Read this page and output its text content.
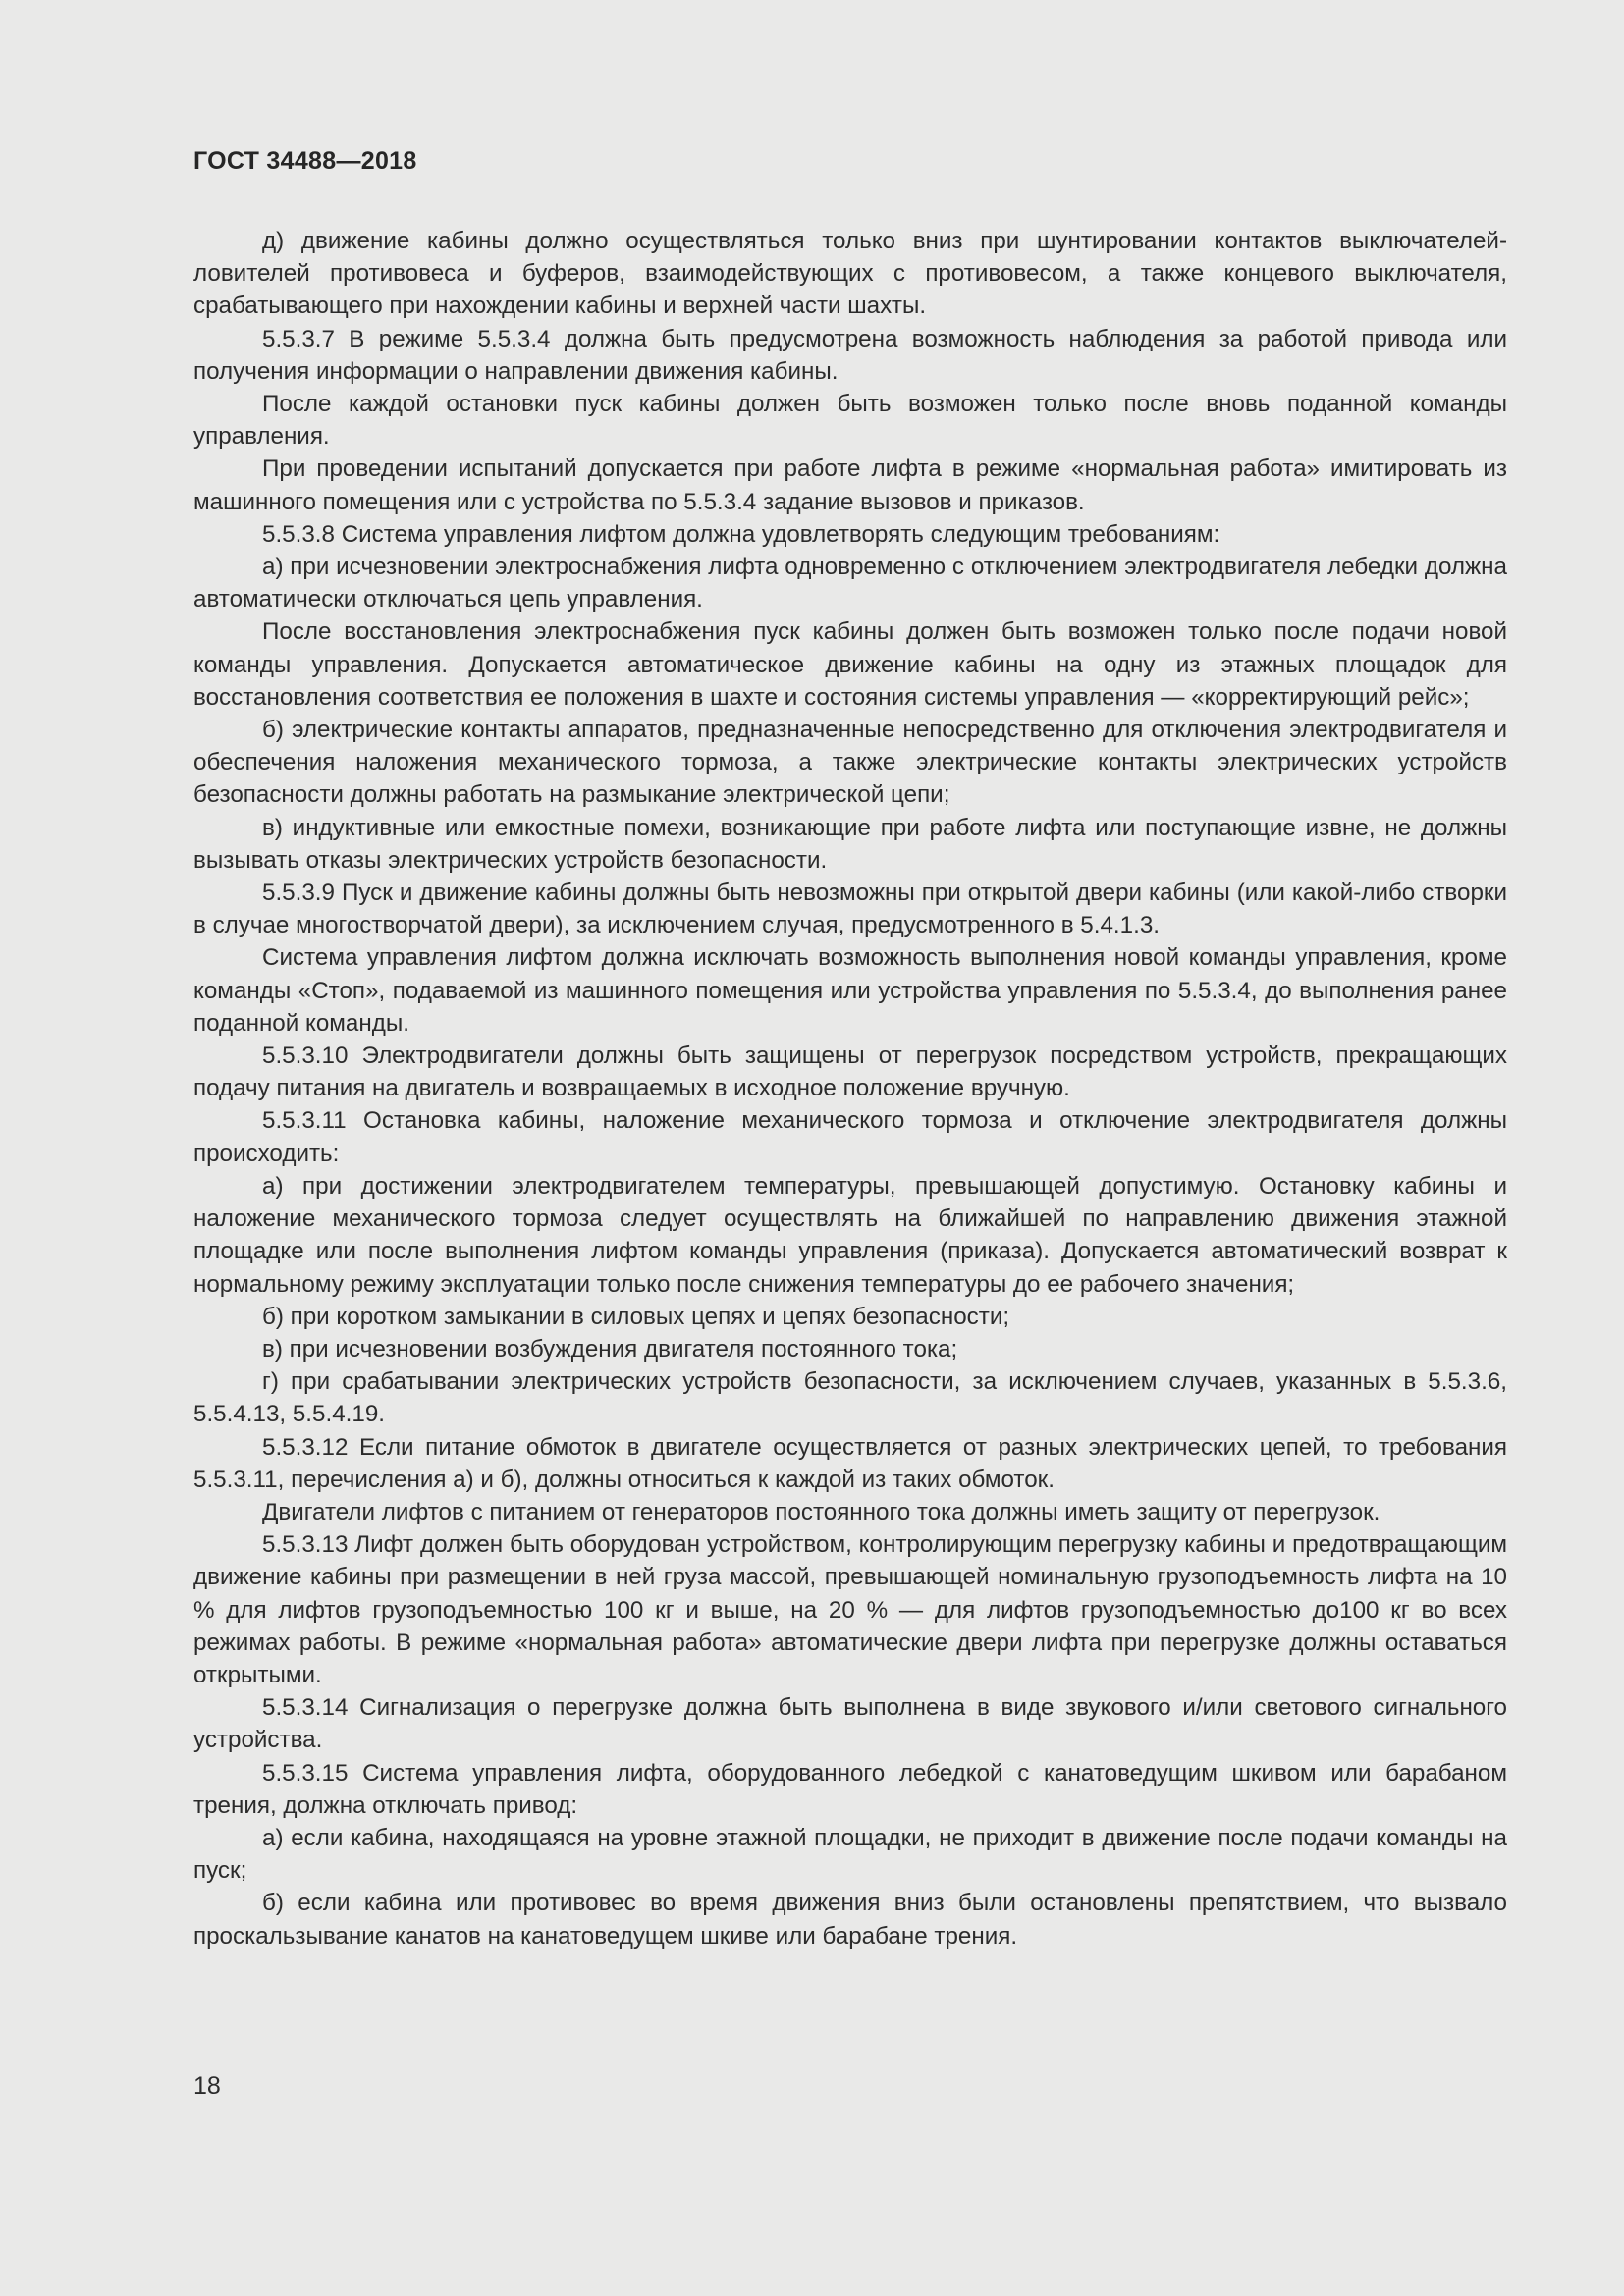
ГОСТ 34488—2018

д) движение кабины должно осуществляться только вниз при шунтировании контактов выключателей-ловителей противовеса и буферов, взаимодействующих с противовесом, а также концевого выключателя, срабатывающего при нахождении кабины и верхней части шахты.

5.5.3.7 В режиме 5.5.3.4 должна быть предусмотрена возможность наблюдения за работой привода или получения информации о направлении движения кабины.

После каждой остановки пуск кабины должен быть возможен только после вновь поданной команды управления.

При проведении испытаний допускается при работе лифта в режиме «нормальная работа» имитировать из машинного помещения или с устройства по 5.5.3.4 задание вызовов и приказов.

5.5.3.8 Система управления лифтом должна удовлетворять следующим требованиям:

а) при исчезновении электроснабжения лифта одновременно с отключением электродвигателя лебедки должна автоматически отключаться цепь управления.

После восстановления электроснабжения пуск кабины должен быть возможен только после подачи новой команды управления. Допускается автоматическое движение кабины на одну из этажных площадок для восстановления соответствия ее положения в шахте и состояния системы управления — «корректирующий рейс»;

б) электрические контакты аппаратов, предназначенные непосредственно для отключения электродвигателя и обеспечения наложения механического тормоза, а также электрические контакты электрических устройств безопасности должны работать на размыкание электрической цепи;

в) индуктивные или емкостные помехи, возникающие при работе лифта или поступающие извне, не должны вызывать отказы электрических устройств безопасности.

5.5.3.9 Пуск и движение кабины должны быть невозможны при открытой двери кабины (или какой-либо створки в случае многостворчатой двери), за исключением случая, предусмотренного в 5.4.1.3.

Система управления лифтом должна исключать возможность выполнения новой команды управления, кроме команды «Стоп», подаваемой из машинного помещения или устройства управления по 5.5.3.4, до выполнения ранее поданной команды.

5.5.3.10 Электродвигатели должны быть защищены от перегрузок посредством устройств, прекращающих подачу питания на двигатель и возвращаемых в исходное положение вручную.

5.5.3.11 Остановка кабины, наложение механического тормоза и отключение электродвигателя должны происходить:

а) при достижении электродвигателем температуры, превышающей допустимую. Остановку кабины и наложение механического тормоза следует осуществлять на ближайшей по направлению движения этажной площадке или после выполнения лифтом команды управления (приказа). Допускается автоматический возврат к нормальному режиму эксплуатации только после снижения температуры до ее рабочего значения;

б) при коротком замыкании в силовых цепях и цепях безопасности;

в) при исчезновении возбуждения двигателя постоянного тока;

г) при срабатывании электрических устройств безопасности, за исключением случаев, указанных в 5.5.3.6, 5.5.4.13, 5.5.4.19.

5.5.3.12 Если питание обмоток в двигателе осуществляется от разных электрических цепей, то требования 5.5.3.11, перечисления а) и б), должны относиться к каждой из таких обмоток.

Двигатели лифтов с питанием от генераторов постоянного тока должны иметь защиту от перегрузок.

5.5.3.13 Лифт должен быть оборудован устройством, контролирующим перегрузку кабины и предотвращающим движение кабины при размещении в ней груза массой, превышающей номинальную грузоподъемность лифта на 10 % для лифтов грузоподъемностью 100 кг и выше, на 20 % — для лифтов грузоподъемностью до100 кг во всех режимах работы. В режиме «нормальная работа» автоматические двери лифта при перегрузке должны оставаться открытыми.

5.5.3.14 Сигнализация о перегрузке должна быть выполнена в виде звукового и/или светового сигнального устройства.

5.5.3.15 Система управления лифта, оборудованного лебедкой с канатоведущим шкивом или барабаном трения, должна отключать привод:

а) если кабина, находящаяся на уровне этажной площадки, не приходит в движение после подачи команды на пуск;

б) если кабина или противовес во время движения вниз были остановлены препятствием, что вызвало проскальзывание канатов на канатоведущем шкиве или барабане трения.

18
